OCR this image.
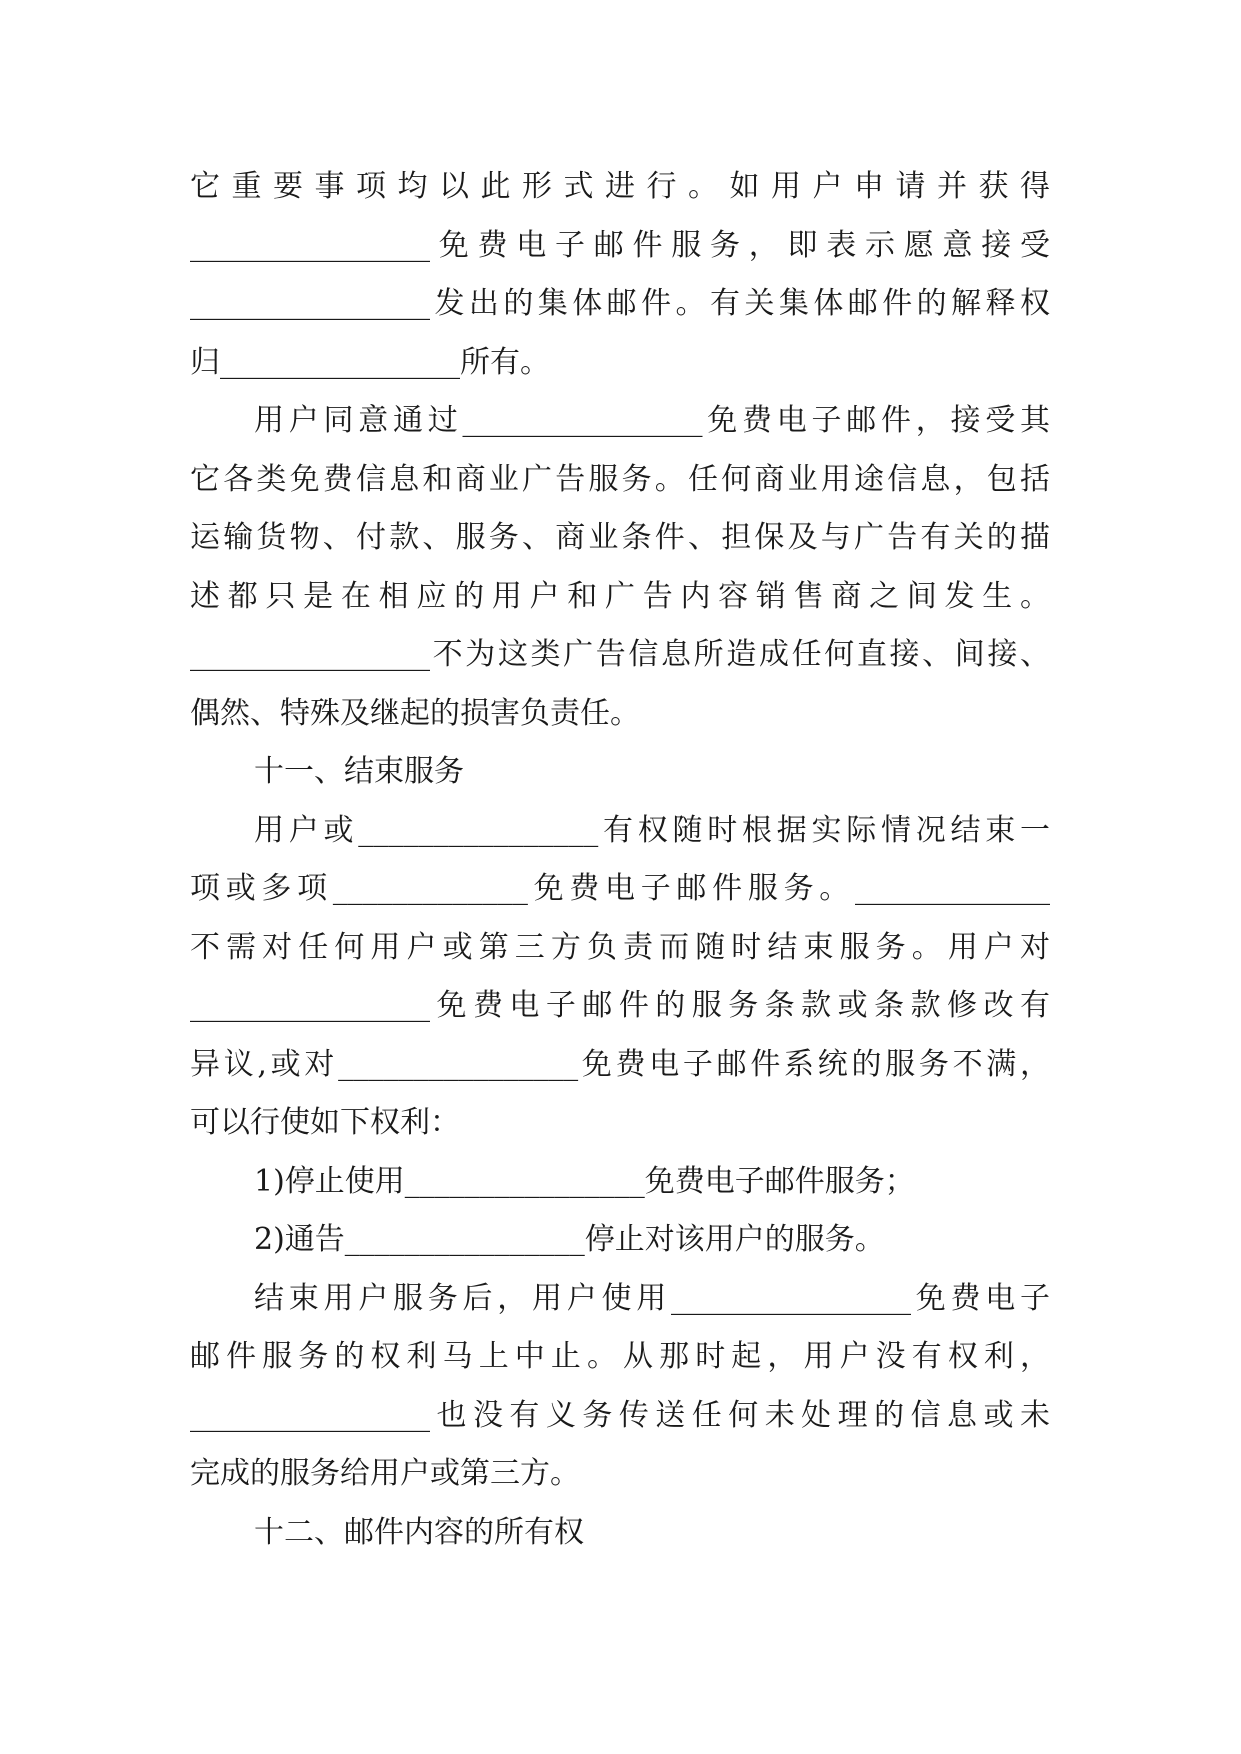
它重要事项均以此形式进行。如用户申请并获得
________________免费电子邮件服务，即表示愿意接受
________________发出的集体邮件。有关集体邮件的解释权
归________________所有。
用户同意通过________________免费电子邮件，接受其
它各类免费信息和商业广告服务。任何商业用途信息，包括
运输货物、付款、服务、商业条件、担保及与广告有关的描
述都只是在相应的用户和广告内容销售商之间发生。
________________不为这类广告信息所造成任何直接、间接、
偶然、特殊及继起的损害负责任。
十一、结束服务
用户或________________有权随时根据实际情况结束一
项或多项_____________免费电子邮件服务。_____________
不需对任何用户或第三方负责而随时结束服务。用户对
________________免费电子邮件的服务条款或条款修改有
异议,或对________________免费电子邮件系统的服务不满，
可以行使如下权利：
1)停止使用________________免费电子邮件服务；
2)通告________________停止对该用户的服务。
结束用户服务后，用户使用________________免费电子
邮件服务的权利马上中止。从那时起，用户没有权利，
________________也没有义务传送任何未处理的信息或未
完成的服务给用户或第三方。
十二、邮件内容的所有权
